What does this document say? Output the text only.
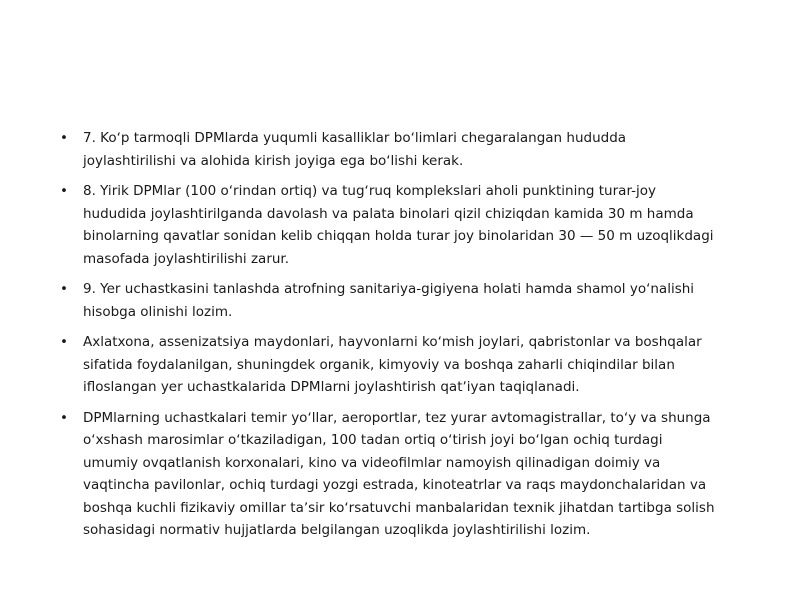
• 7. Koʻp tarmoqli DPMlarda yuqumli kasalliklar boʻlimlari chegaralangan hududda joylashtirilishi va alohida kirish joyiga ega boʻlishi kerak.
• 8. Yirik DPMlar (100 oʻrindan ortiq) va tugʻruq komplekslari aholi punktining turar-joy hududida joylashtirilganda davolash va palata binolari qizil chiziqdan kamida 30 m hamda binolarning qavatlar sonidan kelib chiqqan holda turar joy binolaridan 30 — 50 m uzoqlikdagi masofada joylashtirilishi zarur.
• 9. Yer uchastkasini tanlashda atrofning sanitariya-gigiyena holati hamda shamol yoʻnalishi hisobga olinishi lozim.
• Axlatxona, assenizatsiya maydonlari, hayvonlarni koʻmish joylari, qabristonlar va boshqalar sifatida foydalanilgan, shuningdek organik, kimyoviy va boshqa zaharli chiqindilar bilan ifloslangan yer uchastkalarida DPMlarni joylashtirish qatʼiyan taqiqlanadi.
• DPMlarning uchastkalari temir yoʻllar, aeroportlar, tez yurar avtomagistrallar, toʻy va shunga oʻxshash marosimlar oʻtkaziladigan, 100 tadan ortiq oʻtirish joyi boʻlgan ochiq turdagi umumiy ovqatlanish korxonalari, kino va videofilmlar namoyish qilinadigan doimiy va vaqtincha pavilonlar, ochiq turdagi yozgi estrada, kinoteatrlar va raqs maydonchalaridan va boshqa kuchli fizikaviy omillar taʼsir koʻrsatuvchi manbalaridan texnik jihatdan tartibga solish sohasidagi normativ hujjatlarda belgilangan uzoqlikda joylashtirilishi lozim.
